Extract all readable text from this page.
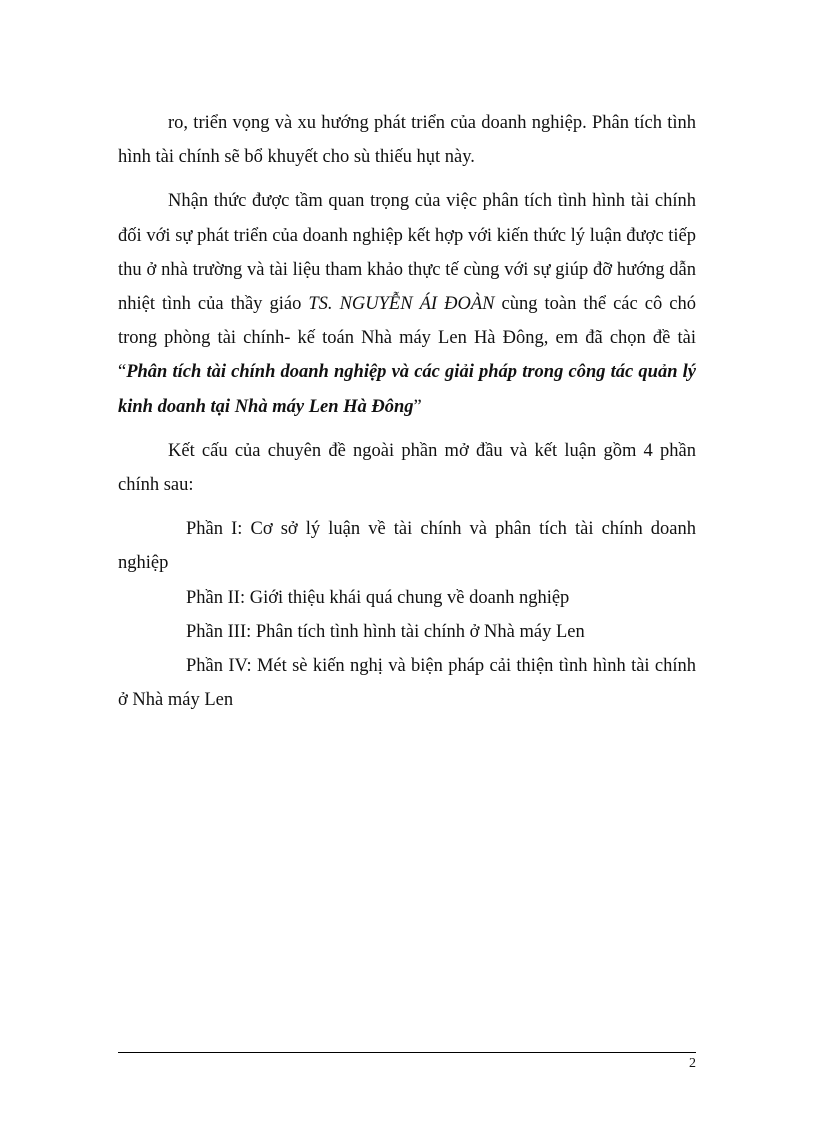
ro, triển vọng và xu hướng phát triển của doanh nghiệp. Phân tích tình hình tài chính sẽ bổ khuyết cho sù thiếu hụt này.

Nhận thức được tầm quan trọng của việc phân tích tình hình tài chính đối với sự phát triển của doanh nghiệp kết hợp với kiến thức lý luận được tiếp thu ở nhà trường và tài liệu tham khảo thực tế cùng với sự giúp đỡ hướng dẫn nhiệt tình của thầy giáo TS. NGUYỄN ÁI ĐOÀN cùng toàn thể các cô chó trong phòng tài chính- kế toán Nhà máy Len Hà Đông, em đã chọn đề tài “Phân tích tài chính doanh nghiệp và các giải pháp trong công tác quản lý kinh doanh tại Nhà máy Len Hà Đông”

Kết cấu của chuyên đề ngoài phần mở đầu và kết luận gồm 4 phần chính sau:

Phần I: Cơ sở lý luận về tài chính và phân tích tài chính doanh nghiệp

Phần II: Giới thiệu khái quá chung về doanh nghiệp

Phần III: Phân tích tình hình tài chính ở Nhà máy Len

Phần IV: Mét sè kiến nghị và biện pháp cải thiện tình hình tài chính ở Nhà máy Len

2
